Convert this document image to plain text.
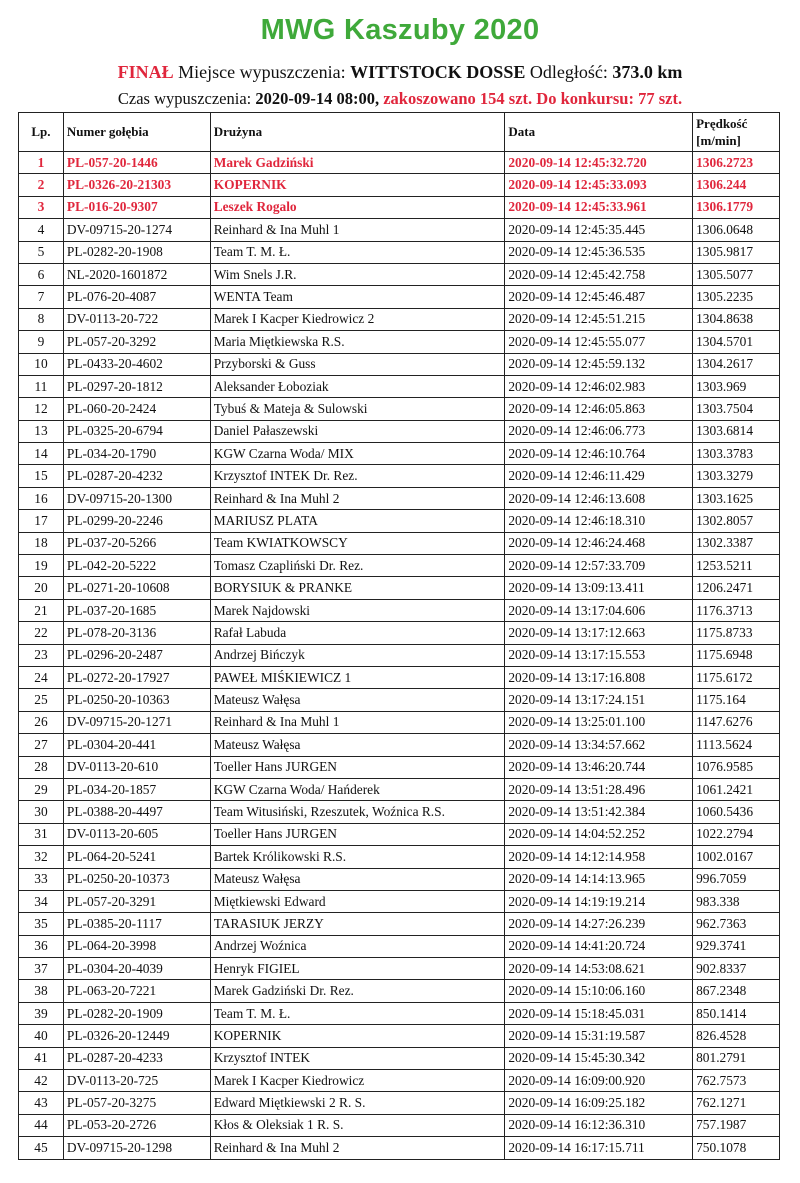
MWG Kaszuby 2020
FINAŁ Miejsce wypuszczenia: WITTSTOCK DOSSE Odległość: 373.0 km
Czas wypuszczenia: 2020-09-14 08:00, zakoszowano 154 szt. Do konkursu: 77 szt.
Lp.	Numer gołębia	Drużyna	Data	Prędkość
[m/min]
1	PL-057-20-1446	Marek Gadziński	2020-09-14 12:45:32.720	1306.2723
2	PL-0326-20-21303	KOPERNIK	2020-09-14 12:45:33.093	1306.244
3	PL-016-20-9307	Leszek Rogalo	2020-09-14 12:45:33.961	1306.1779
4	DV-09715-20-1274	Reinhard & Ina Muhl 1	2020-09-14 12:45:35.445	1306.0648
5	PL-0282-20-1908	Team T. M. Ł.	2020-09-14 12:45:36.535	1305.9817
6	NL-2020-1601872	Wim Snels J.R.	2020-09-14 12:45:42.758	1305.5077
7	PL-076-20-4087	WENTA Team	2020-09-14 12:45:46.487	1305.2235
8	DV-0113-20-722	Marek I Kacper Kiedrowicz 2	2020-09-14 12:45:51.215	1304.8638
9	PL-057-20-3292	Maria Miętkiewska R.S.	2020-09-14 12:45:55.077	1304.5701
10	PL-0433-20-4602	Przyborski & Guss	2020-09-14 12:45:59.132	1304.2617
11	PL-0297-20-1812	Aleksander Łoboziak	2020-09-14 12:46:02.983	1303.969
12	PL-060-20-2424	Tybuś & Mateja & Sulowski	2020-09-14 12:46:05.863	1303.7504
13	PL-0325-20-6794	Daniel Pałaszewski	2020-09-14 12:46:06.773	1303.6814
14	PL-034-20-1790	KGW Czarna Woda/ MIX	2020-09-14 12:46:10.764	1303.3783
15	PL-0287-20-4232	Krzysztof INTEK Dr. Rez.	2020-09-14 12:46:11.429	1303.3279
16	DV-09715-20-1300	Reinhard & Ina Muhl 2	2020-09-14 12:46:13.608	1303.1625
17	PL-0299-20-2246	MARIUSZ PLATA	2020-09-14 12:46:18.310	1302.8057
18	PL-037-20-5266	Team KWIATKOWSCY	2020-09-14 12:46:24.468	1302.3387
19	PL-042-20-5222	Tomasz Czapliński Dr. Rez.	2020-09-14 12:57:33.709	1253.5211
20	PL-0271-20-10608	BORYSIUK & PRANKE	2020-09-14 13:09:13.411	1206.2471
21	PL-037-20-1685	Marek Najdowski	2020-09-14 13:17:04.606	1176.3713
22	PL-078-20-3136	Rafał Labuda	2020-09-14 13:17:12.663	1175.8733
23	PL-0296-20-2487	Andrzej Bińczyk	2020-09-14 13:17:15.553	1175.6948
24	PL-0272-20-17927	PAWEŁ MIŚKIEWICZ 1	2020-09-14 13:17:16.808	1175.6172
25	PL-0250-20-10363	Mateusz Wałęsa	2020-09-14 13:17:24.151	1175.164
26	DV-09715-20-1271	Reinhard & Ina Muhl 1	2020-09-14 13:25:01.100	1147.6276
27	PL-0304-20-441	Mateusz Wałęsa	2020-09-14 13:34:57.662	1113.5624
28	DV-0113-20-610	Toeller Hans JURGEN	2020-09-14 13:46:20.744	1076.9585
29	PL-034-20-1857	KGW Czarna Woda/ Hańderek	2020-09-14 13:51:28.496	1061.2421
30	PL-0388-20-4497	Team Witusiński, Rzeszutek, Woźnica R.S.	2020-09-14 13:51:42.384	1060.5436
31	DV-0113-20-605	Toeller Hans JURGEN	2020-09-14 14:04:52.252	1022.2794
32	PL-064-20-5241	Bartek Królikowski R.S.	2020-09-14 14:12:14.958	1002.0167
33	PL-0250-20-10373	Mateusz Wałęsa	2020-09-14 14:14:13.965	996.7059
34	PL-057-20-3291	Miętkiewski Edward	2020-09-14 14:19:19.214	983.338
35	PL-0385-20-1117	TARASIUK JERZY	2020-09-14 14:27:26.239	962.7363
36	PL-064-20-3998	Andrzej Woźnica	2020-09-14 14:41:20.724	929.3741
37	PL-0304-20-4039	Henryk FIGIEL	2020-09-14 14:53:08.621	902.8337
38	PL-063-20-7221	Marek Gadziński Dr. Rez.	2020-09-14 15:10:06.160	867.2348
39	PL-0282-20-1909	Team T. M. Ł.	2020-09-14 15:18:45.031	850.1414
40	PL-0326-20-12449	KOPERNIK	2020-09-14 15:31:19.587	826.4528
41	PL-0287-20-4233	Krzysztof INTEK	2020-09-14 15:45:30.342	801.2791
42	DV-0113-20-725	Marek I Kacper Kiedrowicz	2020-09-14 16:09:00.920	762.7573
43	PL-057-20-3275	Edward Miętkiewski 2 R. S.	2020-09-14 16:09:25.182	762.1271
44	PL-053-20-2726	Kłos & Oleksiak 1 R. S.	2020-09-14 16:12:36.310	757.1987
45	DV-09715-20-1298	Reinhard & Ina Muhl 2	2020-09-14 16:17:15.711	750.1078
